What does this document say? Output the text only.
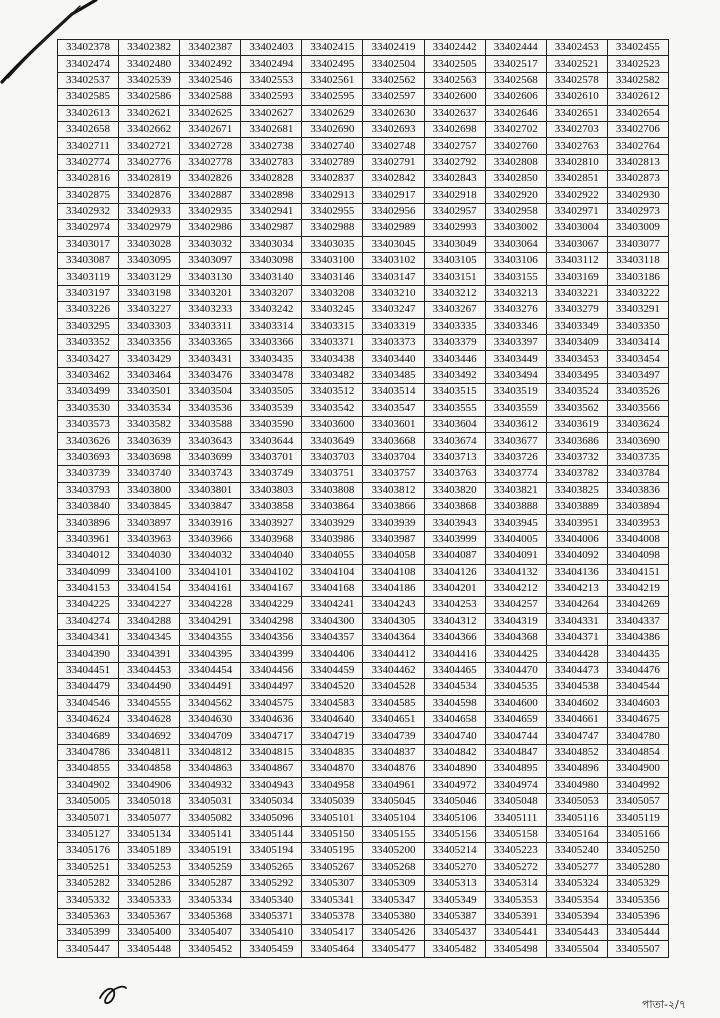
33402378	33402382	33402387	33402403	33402415	33402419	33402442	33402444	33402453	33402455
33402474	33402480	33402492	33402494	33402495	33402504	33402505	33402517	33402521	33402523
33402537	33402539	33402546	33402553	33402561	33402562	33402563	33402568	33402578	33402582
33402585	33402586	33402588	33402593	33402595	33402597	33402600	33402606	33402610	33402612
33402613	33402621	33402625	33402627	33402629	33402630	33402637	33402646	33402651	33402654
33402658	33402662	33402671	33402681	33402690	33402693	33402698	33402702	33402703	33402706
33402711	33402721	33402728	33402738	33402740	33402748	33402757	33402760	33402763	33402764
33402774	33402776	33402778	33402783	33402789	33402791	33402792	33402808	33402810	33402813
33402816	33402819	33402826	33402828	33402837	33402842	33402843	33402850	33402851	33402873
33402875	33402876	33402887	33402898	33402913	33402917	33402918	33402920	33402922	33402930
33402932	33402933	33402935	33402941	33402955	33402956	33402957	33402958	33402971	33402973
33402974	33402979	33402986	33402987	33402988	33402989	33402993	33403002	33403004	33403009
33403017	33403028	33403032	33403034	33403035	33403045	33403049	33403064	33403067	33403077
33403087	33403095	33403097	33403098	33403100	33403102	33403105	33403106	33403112	33403118
33403119	33403129	33403130	33403140	33403146	33403147	33403151	33403155	33403169	33403186
33403197	33403198	33403201	33403207	33403208	33403210	33403212	33403213	33403221	33403222
33403226	33403227	33403233	33403242	33403245	33403247	33403267	33403276	33403279	33403291
33403295	33403303	33403311	33403314	33403315	33403319	33403335	33403346	33403349	33403350
33403352	33403356	33403365	33403366	33403371	33403373	33403379	33403397	33403409	33403414
33403427	33403429	33403431	33403435	33403438	33403440	33403446	33403449	33403453	33403454
33403462	33403464	33403476	33403478	33403482	33403485	33403492	33403494	33403495	33403497
33403499	33403501	33403504	33403505	33403512	33403514	33403515	33403519	33403524	33403526
33403530	33403534	33403536	33403539	33403542	33403547	33403555	33403559	33403562	33403566
33403573	33403582	33403588	33403590	33403600	33403601	33403604	33403612	33403619	33403624
33403626	33403639	33403643	33403644	33403649	33403668	33403674	33403677	33403686	33403690
33403693	33403698	33403699	33403701	33403703	33403704	33403713	33403726	33403732	33403735
33403739	33403740	33403743	33403749	33403751	33403757	33403763	33403774	33403782	33403784
33403793	33403800	33403801	33403803	33403808	33403812	33403820	33403821	33403825	33403836
33403840	33403845	33403847	33403858	33403864	33403866	33403868	33403888	33403889	33403894
33403896	33403897	33403916	33403927	33403929	33403939	33403943	33403945	33403951	33403953
33403961	33403963	33403966	33403968	33403986	33403987	33403999	33404005	33404006	33404008
33404012	33404030	33404032	33404040	33404055	33404058	33404087	33404091	33404092	33404098
33404099	33404100	33404101	33404102	33404104	33404108	33404126	33404132	33404136	33404151
33404153	33404154	33404161	33404167	33404168	33404186	33404201	33404212	33404213	33404219
33404225	33404227	33404228	33404229	33404241	33404243	33404253	33404257	33404264	33404269
33404274	33404288	33404291	33404298	33404300	33404305	33404312	33404319	33404331	33404337
33404341	33404345	33404355	33404356	33404357	33404364	33404366	33404368	33404371	33404386
33404390	33404391	33404395	33404399	33404406	33404412	33404416	33404425	33404428	33404435
33404451	33404453	33404454	33404456	33404459	33404462	33404465	33404470	33404473	33404476
33404479	33404490	33404491	33404497	33404520	33404528	33404534	33404535	33404538	33404544
33404546	33404555	33404562	33404575	33404583	33404585	33404598	33404600	33404602	33404603
33404624	33404628	33404630	33404636	33404640	33404651	33404658	33404659	33404661	33404675
33404689	33404692	33404709	33404717	33404719	33404739	33404740	33404744	33404747	33404780
33404786	33404811	33404812	33404815	33404835	33404837	33404842	33404847	33404852	33404854
33404855	33404858	33404863	33404867	33404870	33404876	33404890	33404895	33404896	33404900
33404902	33404906	33404932	33404943	33404958	33404961	33404972	33404974	33404980	33404992
33405005	33405018	33405031	33405034	33405039	33405045	33405046	33405048	33405053	33405057
33405071	33405077	33405082	33405096	33405101	33405104	33405106	33405111	33405116	33405119
33405127	33405134	33405141	33405144	33405150	33405155	33405156	33405158	33405164	33405166
33405176	33405189	33405191	33405194	33405195	33405200	33405214	33405223	33405240	33405250
33405251	33405253	33405259	33405265	33405267	33405268	33405270	33405272	33405277	33405280
33405282	33405286	33405287	33405292	33405307	33405309	33405313	33405314	33405324	33405329
33405332	33405333	33405334	33405340	33405341	33405347	33405349	33405353	33405354	33405356
33405363	33405367	33405368	33405371	33405378	33405380	33405387	33405391	33405394	33405396
33405399	33405400	33405407	33405410	33405417	33405426	33405437	33405441	33405443	33405444
33405447	33405448	33405452	33405459	33405464	33405477	33405482	33405498	33405504	33405507
পাতা-২/৭
